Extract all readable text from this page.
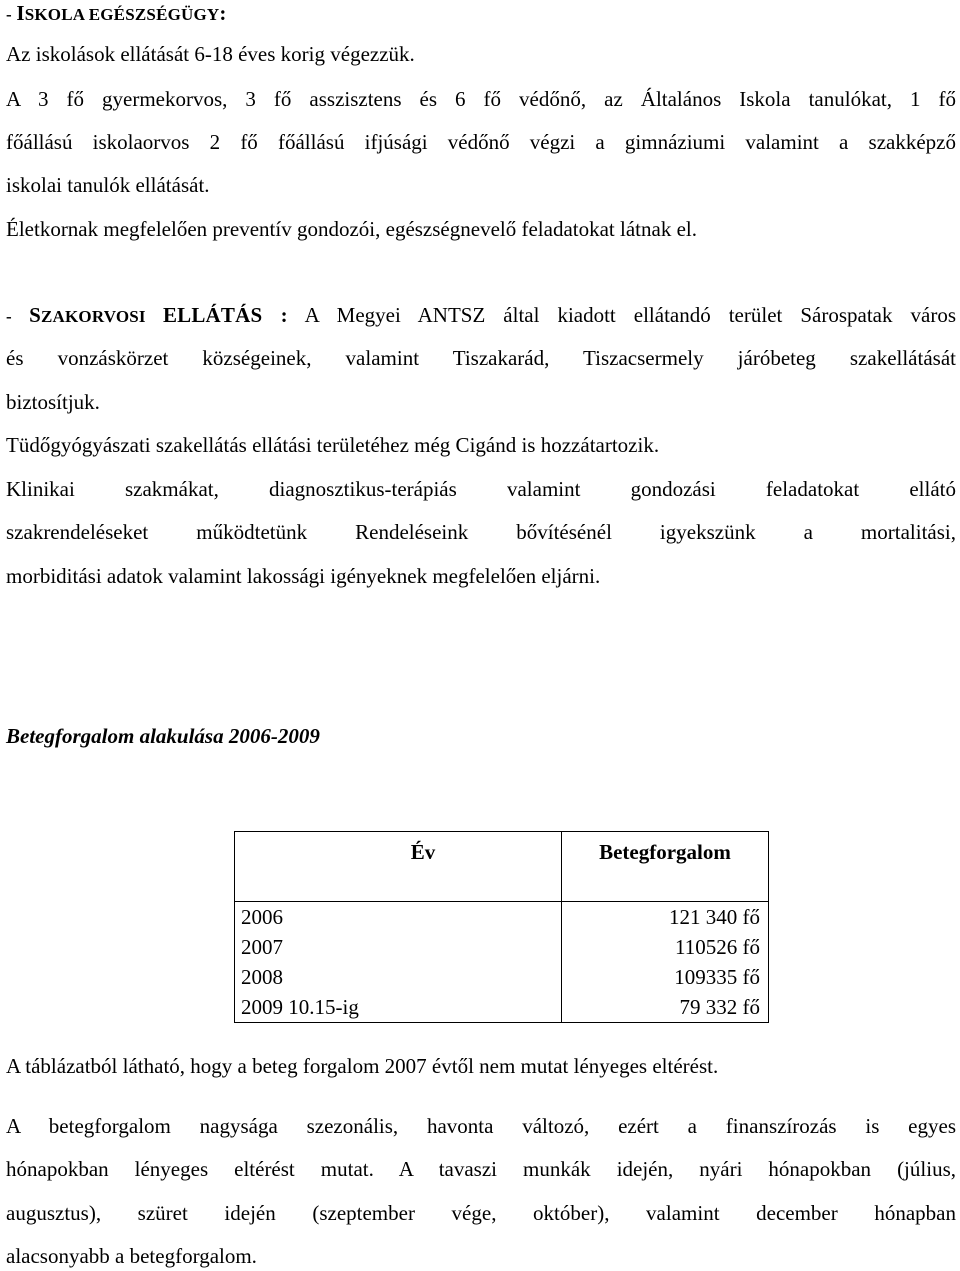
- ISKOLA EGÉSZSÉGÜGY:
Az iskolások ellátását 6-18 éves korig végezzük.
A 3 fő gyermekorvos, 3 fő asszisztens és 6 fő védőnő, az Általános Iskola tanulókat, 1 fő
főállású iskolaorvos 2 fő főállású ifjúsági védőnő végzi a gimnáziumi valamint a szakképző
iskolai tanulók ellátását.
Életkornak megfelelően preventív gondozói, egészségnevelő feladatokat látnak el.
- SZAKORVOSI ELLÁTÁS : A Megyei ANTSZ által kiadott ellátandó terület Sárospatak város
és vonzáskörzet községeinek, valamint Tiszakarád, Tiszacsermely járóbeteg szakellátását
biztosítjuk.
Tüdőgyógyászati szakellátás ellátási területéhez még Cigánd is hozzátartozik.
Klinikai szakmákat, diagnosztikus-terápiás valamint gondozási feladatokat ellátó
szakrendeléseket működtetünk Rendeléseink bővítésénél igyekszünk a mortalitási,
morbiditási adatok valamint lakossági igényeknek megfelelően eljárni.
Betegforgalom alakulása 2006-2009
Év	Betegforgalom
2006	121 340 fő
2007	110526 fő
2008	109335 fő
2009 10.15-ig	79 332 fő
A táblázatból látható, hogy a beteg forgalom 2007 évtől nem mutat lényeges eltérést.
A betegforgalom nagysága szezonális, havonta változó, ezért a finanszírozás is egyes
hónapokban lényeges eltérést mutat. A tavaszi munkák idején, nyári hónapokban (július,
augusztus), szüret idején (szeptember vége, október), valamint december hónapban
alacsonyabb a betegforgalom.
